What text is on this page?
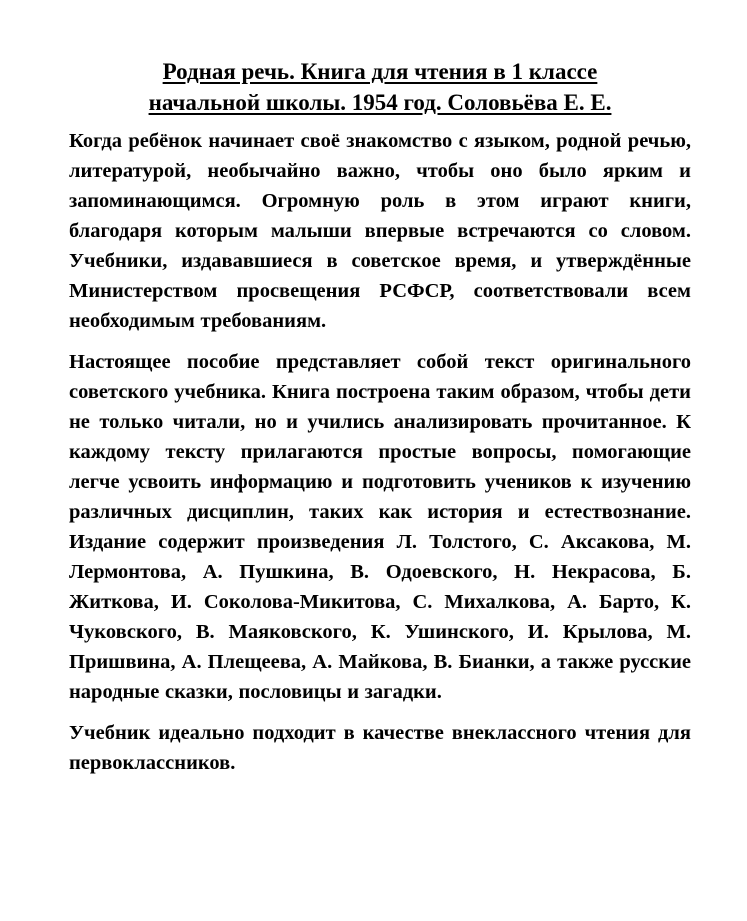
Родная речь. Книга для чтения в 1 классе
начальной школы. 1954 год. Соловьёва Е. Е.

Когда ребёнок начинает своё знакомство с языком, родной речью, литературой, необычайно важно, чтобы оно было ярким и запоминающимся. Огромную роль в этом играют книги, благодаря которым малыши впервые встречаются со словом. Учебники, издававшиеся в советское время, и утверждённые Министерством просвещения РСФСР, соответствовали всем необходимым требованиям.

Настоящее пособие представляет собой текст оригинального советского учебника. Книга построена таким образом, чтобы дети не только читали, но и учились анализировать прочитанное. К каждому тексту прилагаются простые вопросы, помогающие легче усвоить информацию и подготовить учеников к изучению различных дисциплин, таких как история и естествознание. Издание содержит произведения Л. Толстого, С. Аксакова, М. Лермонтова, А. Пушкина, В. Одоевского, Н. Некрасова, Б. Житкова, И. Соколова-Микитова, С. Михалкова, А. Барто, К. Чуковского, В. Маяковского, К. Ушинского, И. Крылова, М. Пришвина, А. Плещеева, А. Майкова, В. Бианки, а также русские народные сказки, пословицы и загадки.

Учебник идеально подходит в качестве внеклассного чтения для первоклассников.
